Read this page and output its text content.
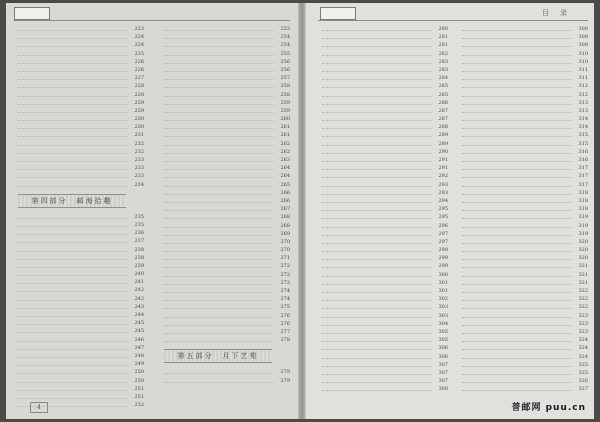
223
224
224
225
226
226
227
228
228
229
229
230
230
231
232
232
233
233
233
234
第四部分　邮海拾趣
235
235
236
237
238
238
239
240
241
242
242
243
244
245
245
246
247
248
249
250
250
251
251
252
253
254
254
255
256
256
257
258
258
259
259
260
261
261
262
262
263
264
264
265
266
266
267
268
268
269
270
270
271
272
272
273
274
274
275
276
276
277
278
第五部分　月下艺苑
279
279
4
目　录
280
281
281
282
283
283
284
285
285
286
287
287
288
289
289
290
291
291
292
293
293
294
295
295
296
297
297
298
299
299
300
301
301
302
303
303
304
305
305
306
306
307
307
307
308
308
309
309
310
310
311
311
312
312
313
313
314
314
315
315
316
316
317
317
317
318
318
318
319
319
319
320
320
320
321
321
321
322
322
322
323
323
323
324
324
324
325
325
326
327
普邮网 puu.cn
